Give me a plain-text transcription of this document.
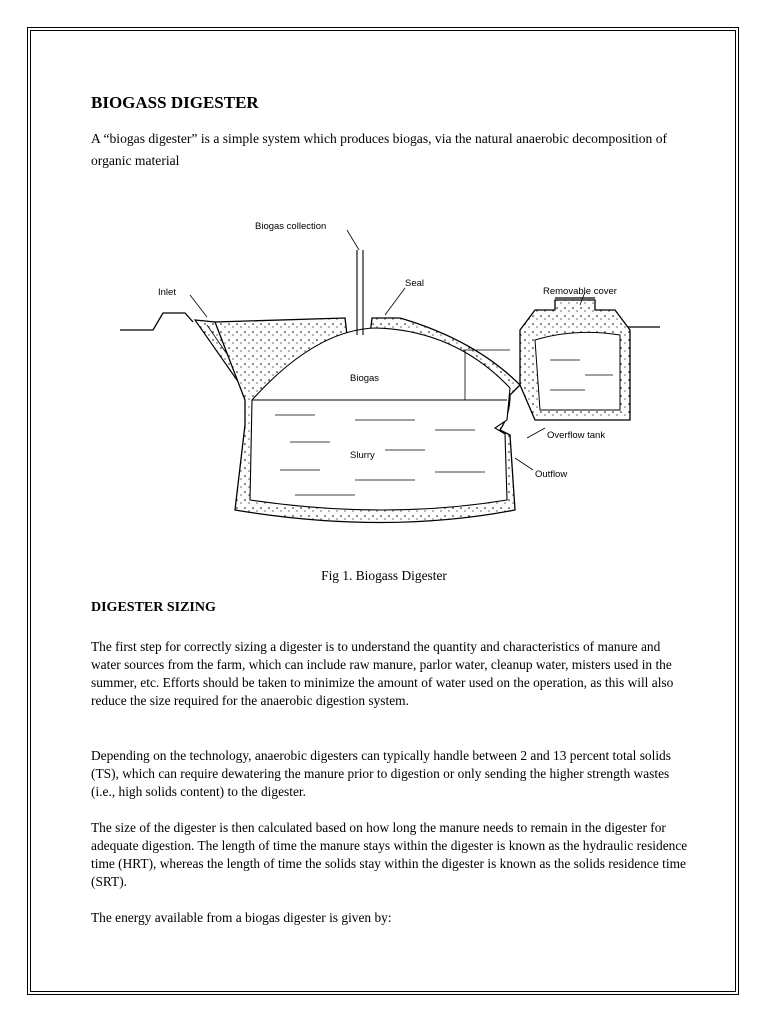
BIOGASS DIGESTER

A “biogas digester” is a simple system which produces biogas, via the natural anaerobic decomposition of organic material

Biogas collection
Inlet
Seal
Removable cover
Biogas
Overflow tank
Slurry
Outflow

Fig 1. Biogass Digester

DIGESTER SIZING

The first step for correctly sizing a digester is to understand the quantity and characteristics of manure and water sources from the farm, which can include raw manure, parlor water, cleanup water, misters used in the summer, etc. Efforts should be taken to minimize the amount of water used on the operation, as this will also reduce the size required for the anaerobic digestion system.

Depending on the technology, anaerobic digesters can typically handle between 2 and 13 percent total solids (TS), which can require dewatering the manure prior to digestion or only sending the higher strength wastes (i.e., high solids content) to the digester.

The size of the digester is then calculated based on how long the manure needs to remain in the digester for adequate digestion. The length of time the manure stays within the digester is known as the hydraulic residence time (HRT), whereas the length of time the solids stay within the digester is known as the solids residence time (SRT).

The energy available from a biogas digester is given by:
